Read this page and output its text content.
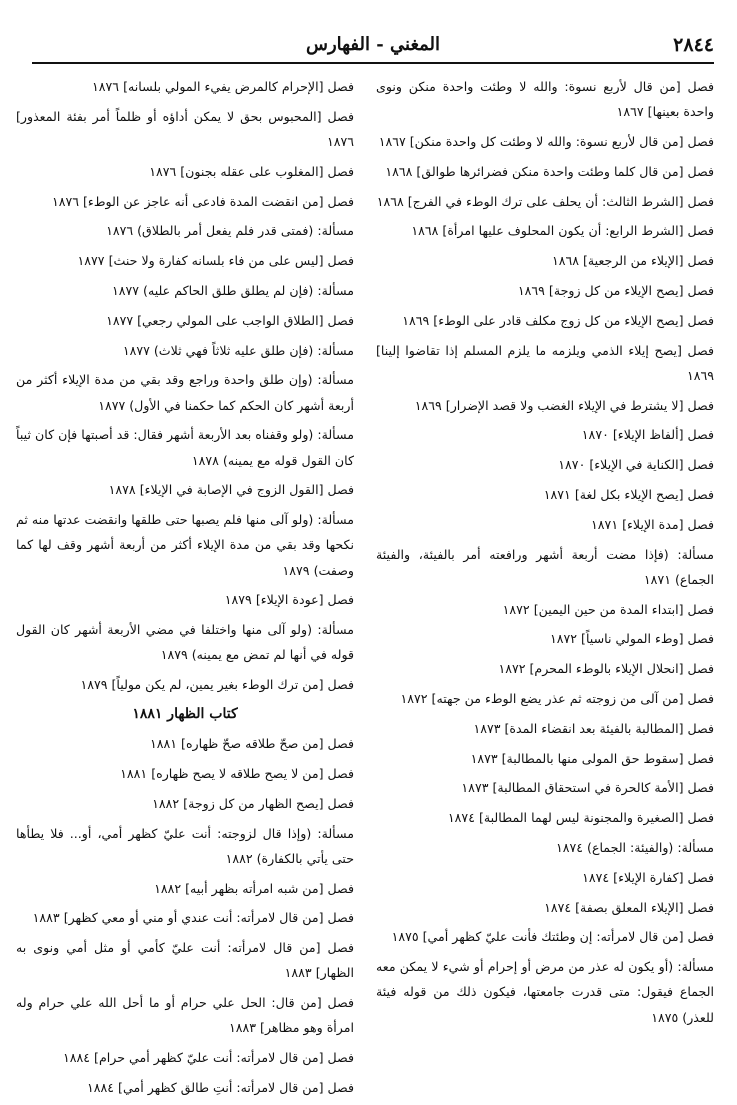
٢٨٤٤
المغني - الفهارس

فصل [من قال لأربع نسوة: والله لا وطئت واحدة منكن ونوى واحدة بعينها] ١٨٦٧

فصل [من قال لأربع نسوة: والله لا وطئت كل واحدة منكن] ١٨٦٧

فصل [من قال كلما وطئت واحدة منكن فضرائرها طوالق] ١٨٦٨

فصل [الشرط الثالث: أن يحلف على ترك الوطء في الفرج] ١٨٦٨

فصل [الشرط الرابع: أن يكون المحلوف عليها امرأة] ١٨٦٨

فصل [الإيلاء من الرجعية] ١٨٦٨

فصل [يصح الإيلاء من كل زوجة] ١٨٦٩

فصل [يصح الإيلاء من كل زوج مكلف قادر على الوطء] ١٨٦٩

فصل [يصح إيلاء الذمي ويلزمه ما يلزم المسلم إذا تقاضوا إلينا] ١٨٦٩

فصل [لا يشترط في الإيلاء الغضب ولا قصد الإضرار] ١٨٦٩

فصل [ألفاظ الإيلاء] ١٨٧٠

فصل [الكناية في الإيلاء] ١٨٧٠

فصل [يصح الإيلاء بكل لغة] ١٨٧١

فصل [مدة الإيلاء] ١٨٧١

مسألة: (فإذا مضت أربعة أشهر ورافعته أمر بالفيئة، والفيئة الجماع) ١٨٧١

فصل [ابتداء المدة من حين اليمين] ١٨٧٢

فصل [وطء المولي ناسياً] ١٨٧٢

فصل [انحلال الإيلاء بالوطء المحرم] ١٨٧٢

فصل [من آلى من زوجته ثم عذر يضع الوطء من جهته] ١٨٧٢

فصل [المطالبة بالفيئة بعد انقضاء المدة] ١٨٧٣

فصل [سقوط حق المولى منها بالمطالبة] ١٨٧٣

فصل [الأمة كالحرة في استحقاق المطالبة] ١٨٧٣

فصل [الصغيرة والمجنونة ليس لهما المطالبة] ١٨٧٤

مسألة: (والفيئة: الجماع) ١٨٧٤

فصل [كفارة الإيلاء] ١٨٧٤

فصل [الإيلاء المعلق بصفة] ١٨٧٤

فصل [من قال لامرأته: إن وطئتك فأنت عليّ كظهر أمي] ١٨٧٥

مسألة: (أو يكون له عذر من مرض أو إحرام أو شيء لا يمكن معه الجماع فيقول: متى قدرت جامعتها، فيكون ذلك من قوله فيئة للعذر) ١٨٧٥

فصل [الإحرام كالمرض يفيء المولي بلسانه] ١٨٧٦

فصل [المحبوس بحق لا يمكن أداؤه أو ظلماً أمر بفئة المعذور] ١٨٧٦

فصل [المغلوب على عقله بجنون] ١٨٧٦

فصل [من انقضت المدة فادعى أنه عاجز عن الوطء] ١٨٧٦

مسألة: (فمتى قدر فلم يفعل أمر بالطلاق) ١٨٧٦

فصل [ليس على من فاء بلسانه كفارة ولا حنث] ١٨٧٧

مسألة: (فإن لم يطلق طلق الحاكم عليه) ١٨٧٧

فصل [الطلاق الواجب على المولي رجعي] ١٨٧٧

مسألة: (فإن طلق عليه ثلاثاً فهي ثلاث) ١٨٧٧

مسألة: (وإن طلق واحدة وراجع وقد بقي من مدة الإيلاء أكثر من أربعة أشهر كان الحكم كما حكمنا في الأول) ١٨٧٧

مسألة: (ولو وقفناه بعد الأربعة أشهر فقال: قد أصبتها فإن كان ثيباً كان القول قوله مع يمينه) ١٨٧٨

فصل [القول الزوج في الإصابة في الإيلاء] ١٨٧٨

مسألة: (ولو آلى منها فلم يصبها حتى طلقها وانقضت عدتها منه ثم نكحها وقد بقي من مدة الإيلاء أكثر من أربعة أشهر وقف لها كما وصفت) ١٨٧٩

فصل [عودة الإيلاء] ١٨٧٩

مسألة: (ولو آلى منها واختلفا في مضي الأربعة أشهر كان القول قوله في أنها لم تمض مع يمينه) ١٨٧٩

فصل [من ترك الوطء بغير يمين، لم يكن مولياً] ١٨٧٩

كتاب الظهار ١٨٨١

فصل [من صحّ طلاقه صحّ ظهاره] ١٨٨١

فصل [من لا يصح طلاقه لا يصح ظهاره] ١٨٨١

فصل [يصح الظهار من كل زوجة] ١٨٨٢

مسألة: (وإذا قال لزوجته: أنت عليّ كظهر أمي، أو... فلا يطأها حتى يأتي بالكفارة) ١٨٨٢

فصل [من شبه امرأته بظهر أبيه] ١٨٨٢

فصل [من قال لامرأته: أنت عندي أو مني أو معي كظهر] ١٨٨٣

فصل [من قال لامرأته: أنت عليّ كأمي أو مثل أمي ونوى به الظهار] ١٨٨٣

فصل [من قال: الحل علي حرام أو ما أحل الله علي حرام وله امرأة وهو مظاهر] ١٨٨٣

فصل [من قال لامرأته: أنت عليّ كظهر أمي حرام] ١٨٨٤

فصل [من قال لامرأته: أنتِ طالق كظهر أمي] ١٨٨٤
